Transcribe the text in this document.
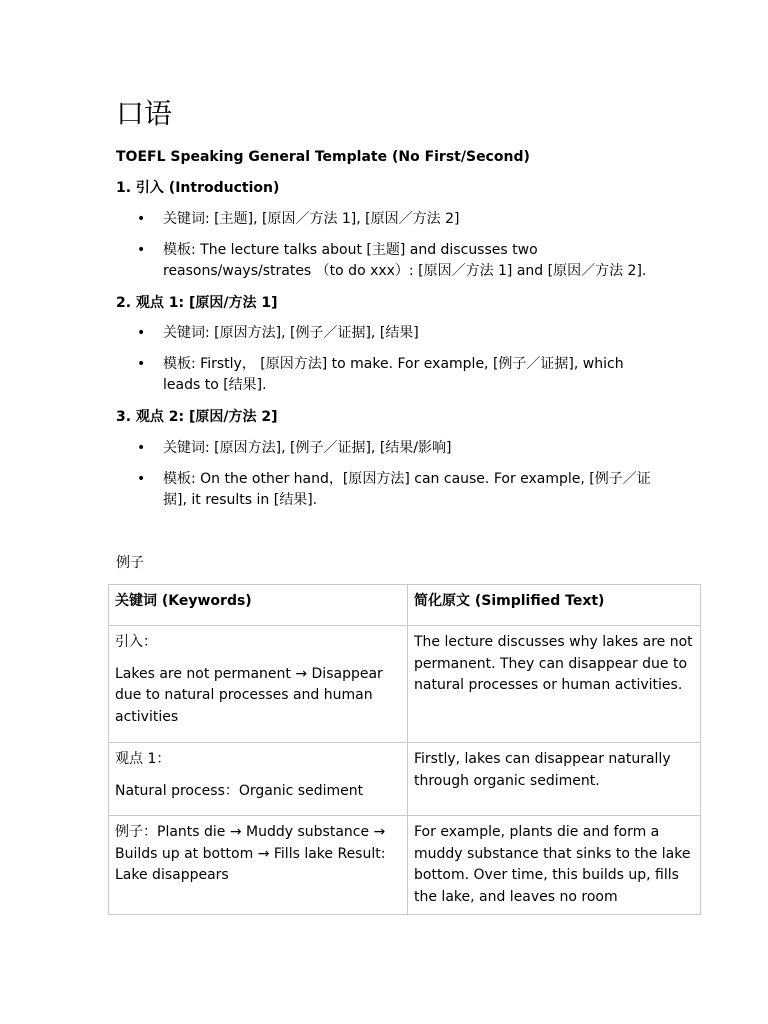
口语

TOEFL Speaking General Template (No First/Second)

1. 引入 (Introduction)

• 关键词: [主题], [原因／方法 1], [原因／方法 2]
• 模板: The lecture talks about [主题] and discusses two reasons/ways/strates （to do xxx）: [原因／方法 1] and [原因／方法 2].

2. 观点 1: [原因/方法 1]

• 关键词: [原因方法], [例子／证据], [结果]
• 模板: Firstly， [原因方法] to make. For example, [例子／证据], which leads to [结果].

3. 观点 2: [原因/方法 2]

• 关键词: [原因方法], [例子／证据], [结果/影响]
• 模板: On the other hand，[原因方法] can cause. For example, [例子／证据], it results in [结果].

例子

关键词 (Keywords)	简化原文 (Simplified Text)

引入：
Lakes are not permanent → Disappear due to natural processes and human activities	The lecture discusses why lakes are not permanent. They can disappear due to natural processes or human activities.

观点 1：
Natural process：Organic sediment	Firstly, lakes can disappear naturally through organic sediment.
例子：Plants die → Muddy substance → Builds up at bottom → Fills lake Result: Lake disappears	For example, plants die and form a muddy substance that sinks to the lake bottom. Over time, this builds up, fills the lake, and leaves no room
